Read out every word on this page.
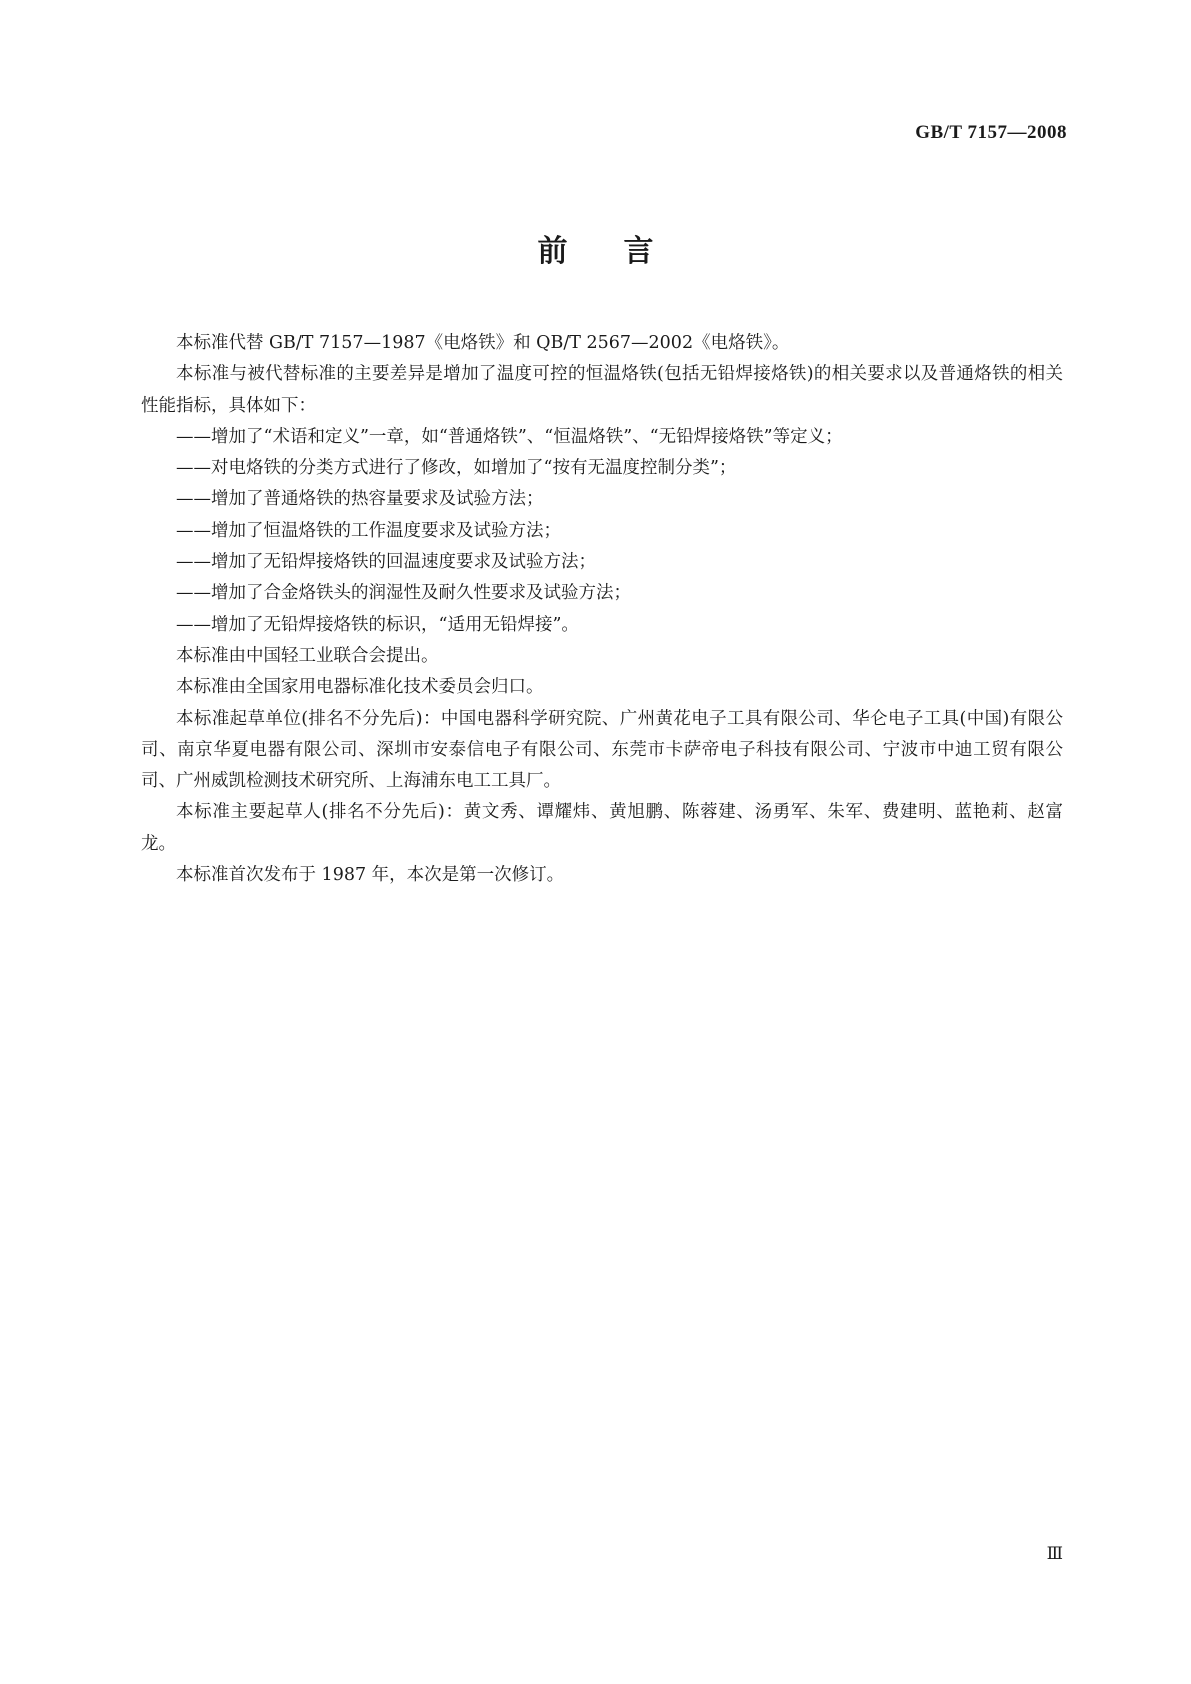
GB/T 7157—2008
前言

本标准代替 GB/T 7157—1987《电烙铁》和 QB/T 2567—2002《电烙铁》。

本标准与被代替标准的主要差异是增加了温度可控的恒温烙铁(包括无铅焊接烙铁)的相关要求以及普通烙铁的相关性能指标，具体如下：

——增加了“术语和定义”一章，如“普通烙铁”、“恒温烙铁”、“无铅焊接烙铁”等定义；

——对电烙铁的分类方式进行了修改，如增加了“按有无温度控制分类”；

——增加了普通烙铁的热容量要求及试验方法；

——增加了恒温烙铁的工作温度要求及试验方法；

——增加了无铅焊接烙铁的回温速度要求及试验方法；

——增加了合金烙铁头的润湿性及耐久性要求及试验方法；

——增加了无铅焊接烙铁的标识，“适用无铅焊接”。

本标准由中国轻工业联合会提出。

本标准由全国家用电器标准化技术委员会归口。

本标准起草单位(排名不分先后)：中国电器科学研究院、广州黄花电子工具有限公司、华仑电子工具(中国)有限公司、南京华夏电器有限公司、深圳市安泰信电子有限公司、东莞市卡萨帝电子科技有限公司、宁波市中迪工贸有限公司、广州威凯检测技术研究所、上海浦东电工工具厂。

本标准主要起草人(排名不分先后)：黄文秀、谭耀炜、黄旭鹏、陈蓉建、汤勇军、朱军、费建明、蓝艳莉、赵富龙。

本标准首次发布于 1987 年，本次是第一次修订。

Ⅲ
